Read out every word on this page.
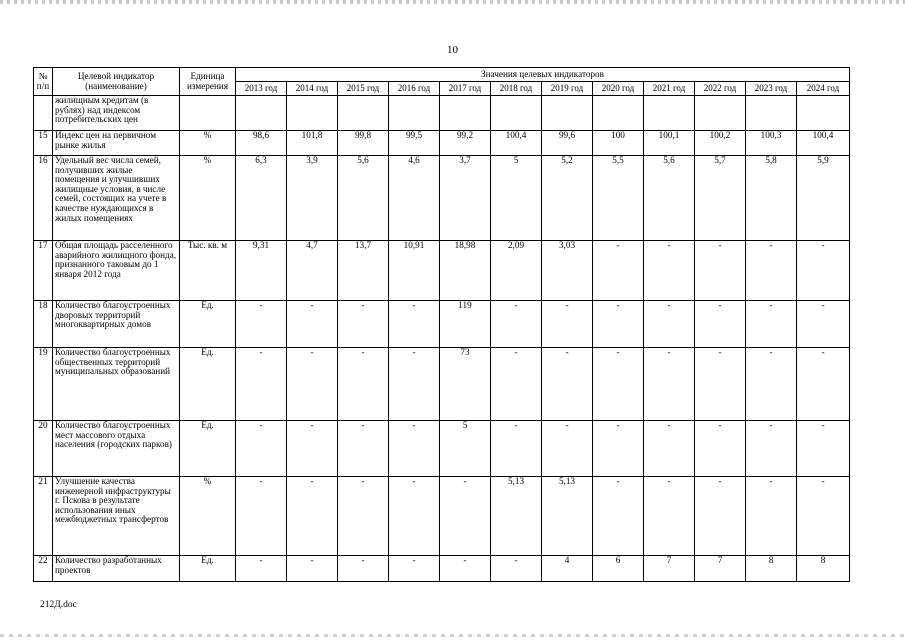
10
№ п/п	Целевой индикатор (наименование)	Единица измерения	Значения целевых индикаторов											
			2013 год	2014 год	2015 год	2016 год	2017 год	2018 год	2019 год	2020 год	2021 год	2022 год	2023 год	2024 год
	жилищным кредитам (в рублях) над индексом потребительских цен													
15	Индекс цен на первичном рынке жилья	%	98,6	101,8	99,8	99,5	99,2	100,4	99,6	100	100,1	100,2	100,3	100,4
16	Удельный вес числа семей, получивших жилые помещения и улучшивших жилищные условия, в числе семей, состоящих на учете в качестве нуждающихся в жилых помещениях	%	6,3	3,9	5,6	4,6	3,7	5	5,2	5,5	5,6	5,7	5,8	5,9
17	Общая площадь расселенного аварийного жилищного фонда, признанного таковым до 1 января 2012 года	Тыс. кв. м	9,31	4,7	13,7	10,91	18,98	2,09	3,03	-	-	-	-	-
18	Количество благоустроенных дворовых территорий многоквартирных домов	Ед.	-	-	-	-	119	-	-	-	-	-	-	-
19	Количество благоустроенных общественных территорий муниципальных образований	Ед.	-	-	-	-	73	-	-	-	-	-	-	-
20	Количество благоустроенных мест массового отдыха населения (городских парков)	Ед.	-	-	-	-	5	-	-	-	-	-	-	-
21	Улучшение качества инженерной инфраструктуры г. Пскова в результате использования иных межбюджетных трансфертов	%	-	-	-	-	-	5,13	5,13	-	-	-	-	-
22	Количество разработанных проектов	Ед.	-	-	-	-	-	-	4	6	7	7	8	8
212Д.doc
